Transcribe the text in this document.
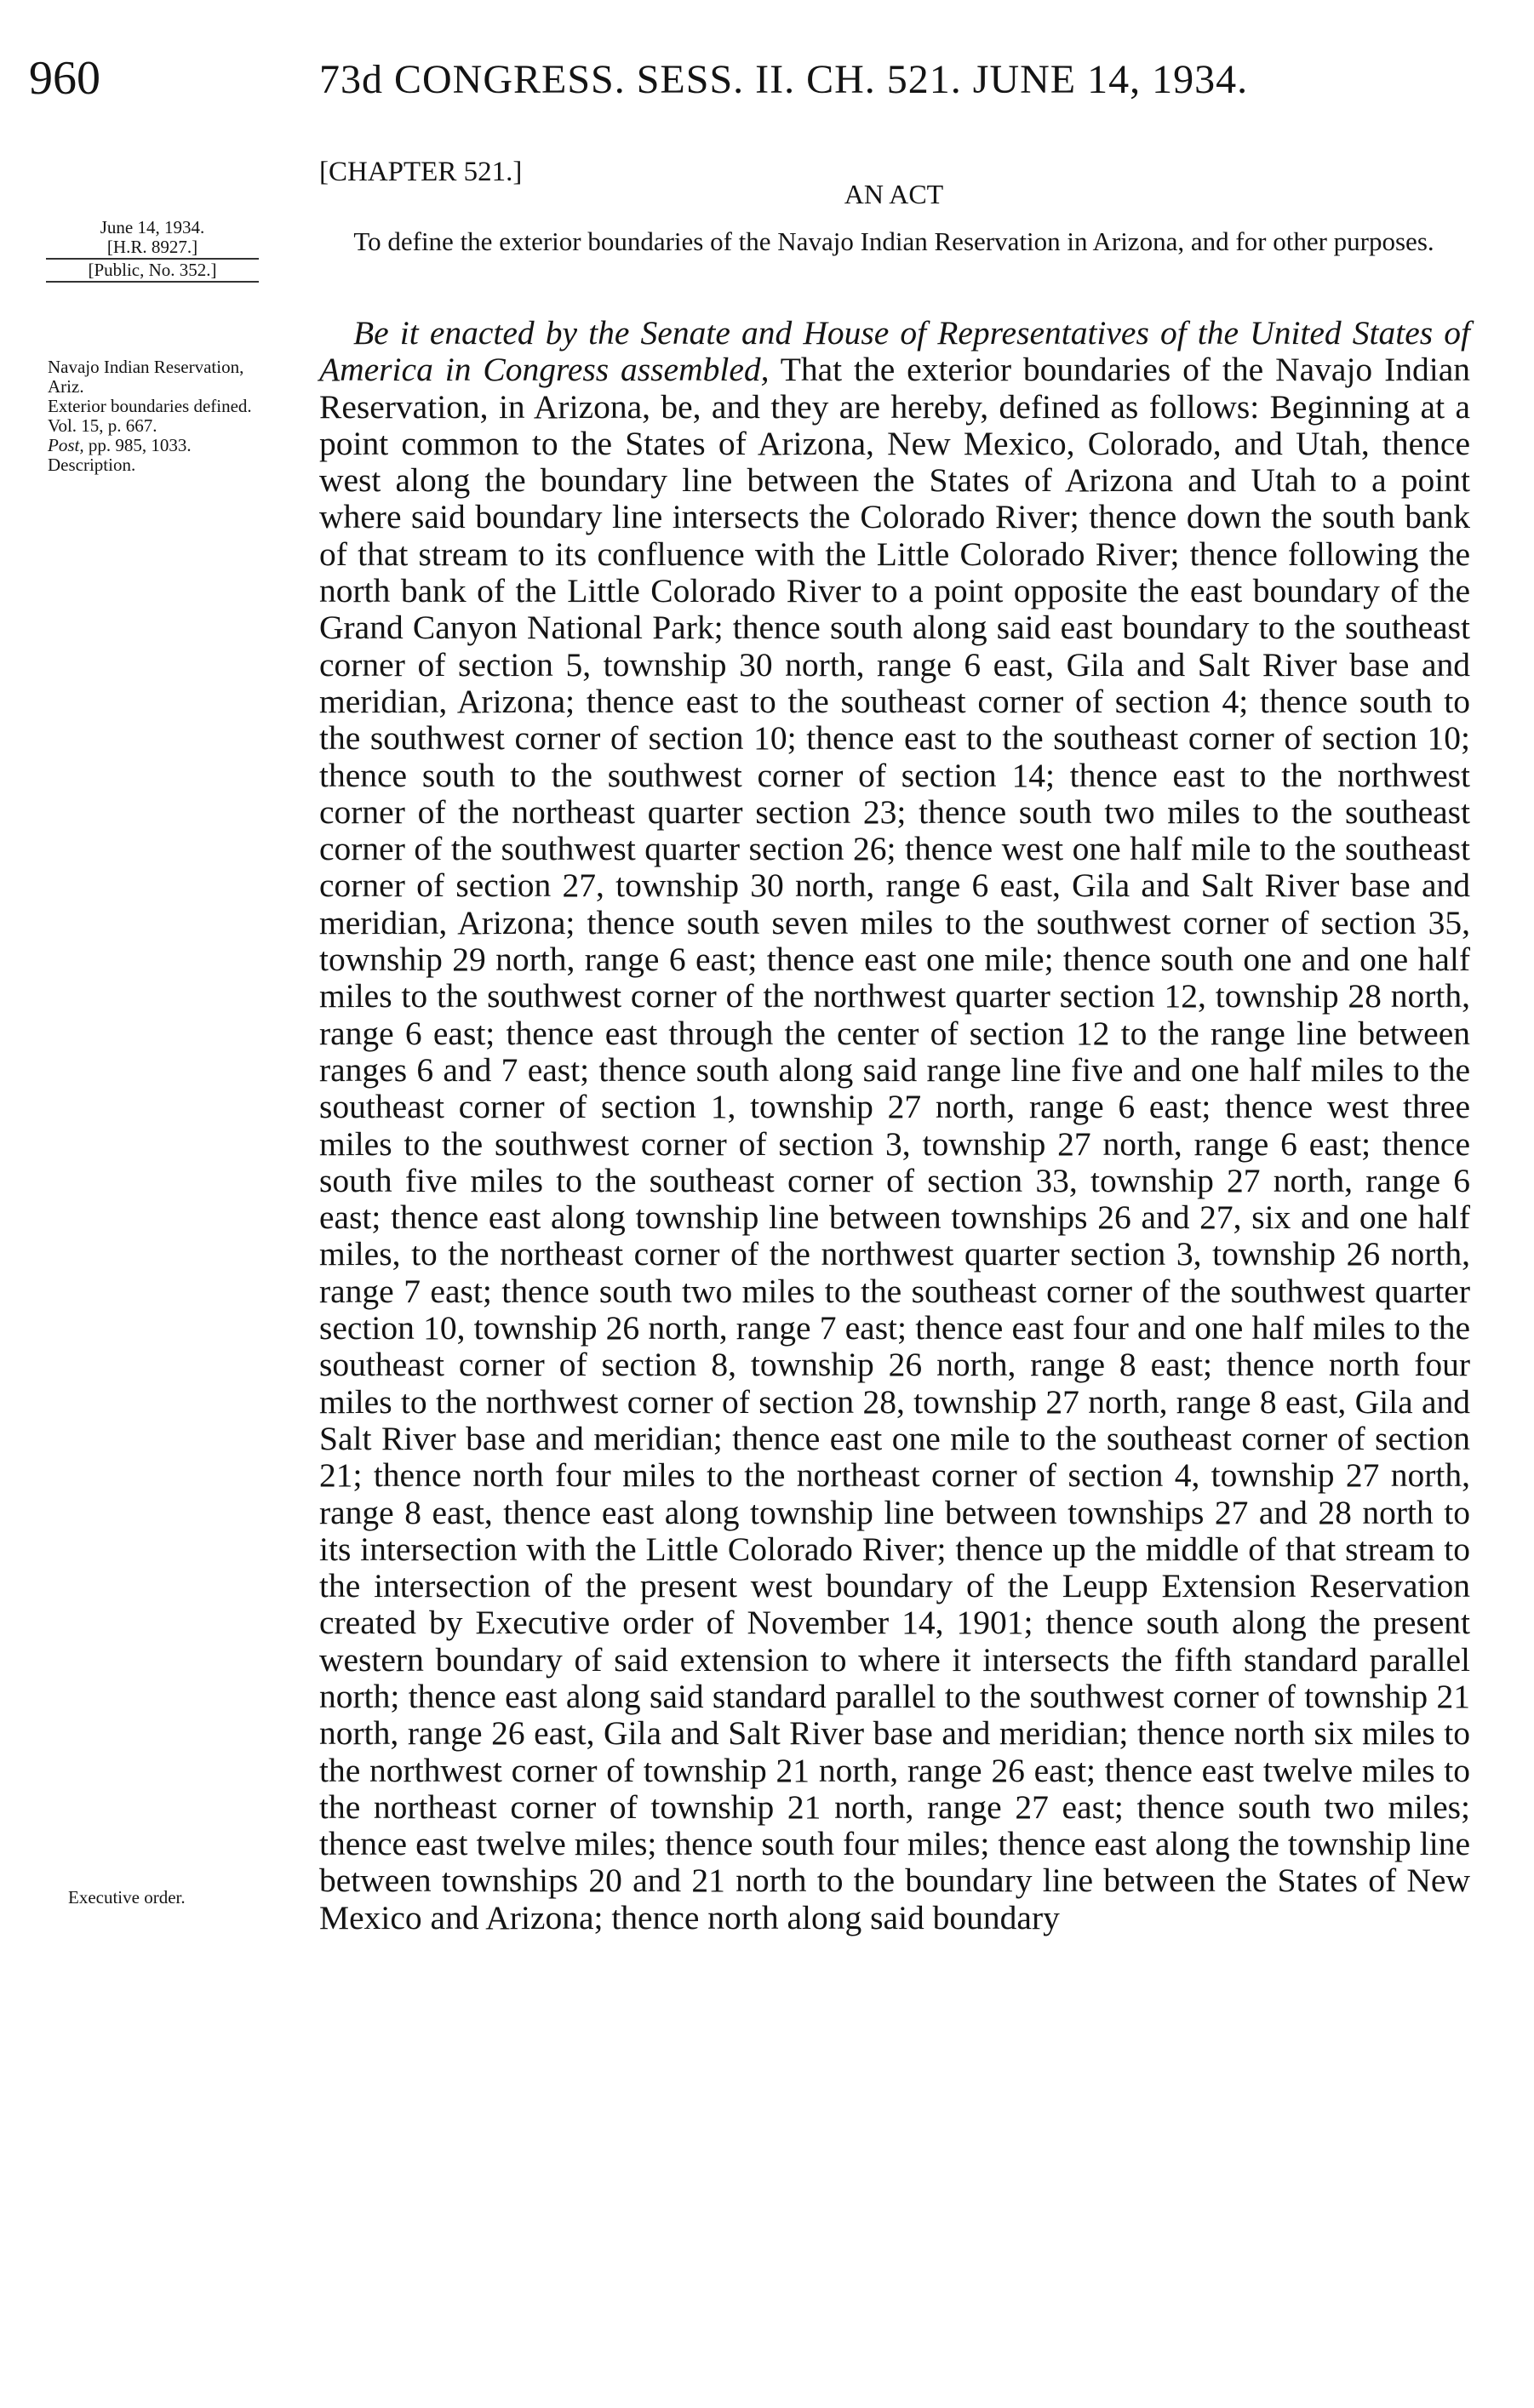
960	73d CONGRESS. SESS. II. CH. 521. JUNE 14, 1934.
[CHAPTER 521.]
AN ACT
To define the exterior boundaries of the Navajo Indian Reservation in Arizona, and for other purposes.
June 14, 1934.
[H.R. 8927.]
[Public, No. 352.]
Navajo Indian Reservation, Ariz.
Exterior boundaries defined.
Vol. 15, p. 667.
Post, pp. 985, 1033.
Description.
Executive order.
Be it enacted by the Senate and House of Representatives of the United States of America in Congress assembled, That the exterior boundaries of the Navajo Indian Reservation, in Arizona, be, and they are hereby, defined as follows: Beginning at a point common to the States of Arizona, New Mexico, Colorado, and Utah, thence west along the boundary line between the States of Arizona and Utah to a point where said boundary line intersects the Colorado River; thence down the south bank of that stream to its confluence with the Little Colorado River; thence following the north bank of the Little Colorado River to a point opposite the east boundary of the Grand Canyon National Park; thence south along said east boundary to the southeast corner of section 5, township 30 north, range 6 east, Gila and Salt River base and meridian, Arizona; thence east to the southeast corner of section 4; thence south to the southwest corner of section 10; thence east to the southeast corner of section 10; thence south to the southwest corner of section 14; thence east to the northwest corner of the northeast quarter section 23; thence south two miles to the southeast corner of the southwest quarter section 26; thence west one half mile to the southeast corner of section 27, township 30 north, range 6 east, Gila and Salt River base and meridian, Arizona; thence south seven miles to the southwest corner of section 35, township 29 north, range 6 east; thence east one mile; thence south one and one half miles to the southwest corner of the northwest quarter section 12, township 28 north, range 6 east; thence east through the center of section 12 to the range line between ranges 6 and 7 east; thence south along said range line five and one half miles to the southeast corner of section 1, township 27 north, range 6 east; thence west three miles to the southwest corner of section 3, township 27 north, range 6 east; thence south five miles to the southeast corner of section 33, township 27 north, range 6 east; thence east along township line between townships 26 and 27, six and one half miles, to the northeast corner of the northwest quarter section 3, township 26 north, range 7 east; thence south two miles to the southeast corner of the southwest quarter section 10, township 26 north, range 7 east; thence east four and one half miles to the southeast corner of section 8, township 26 north, range 8 east; thence north four miles to the northwest corner of section 28, township 27 north, range 8 east, Gila and Salt River base and meridian; thence east one mile to the southeast corner of section 21; thence north four miles to the northeast corner of section 4, township 27 north, range 8 east, thence east along township line between townships 27 and 28 north to its intersection with the Little Colorado River; thence up the middle of that stream to the intersection of the present west boundary of the Leupp Extension Reservation created by Executive order of November 14, 1901; thence south along the present western boundary of said extension to where it intersects the fifth standard parallel north; thence east along said standard parallel to the southwest corner of township 21 north, range 26 east, Gila and Salt River base and meridian; thence north six miles to the northwest corner of township 21 north, range 26 east; thence east twelve miles to the northeast corner of township 21 north, range 27 east; thence south two miles; thence east twelve miles; thence south four miles; thence east along the township line between townships 20 and 21 north to the boundary line between the States of New Mexico and Arizona; thence north along said boundary
